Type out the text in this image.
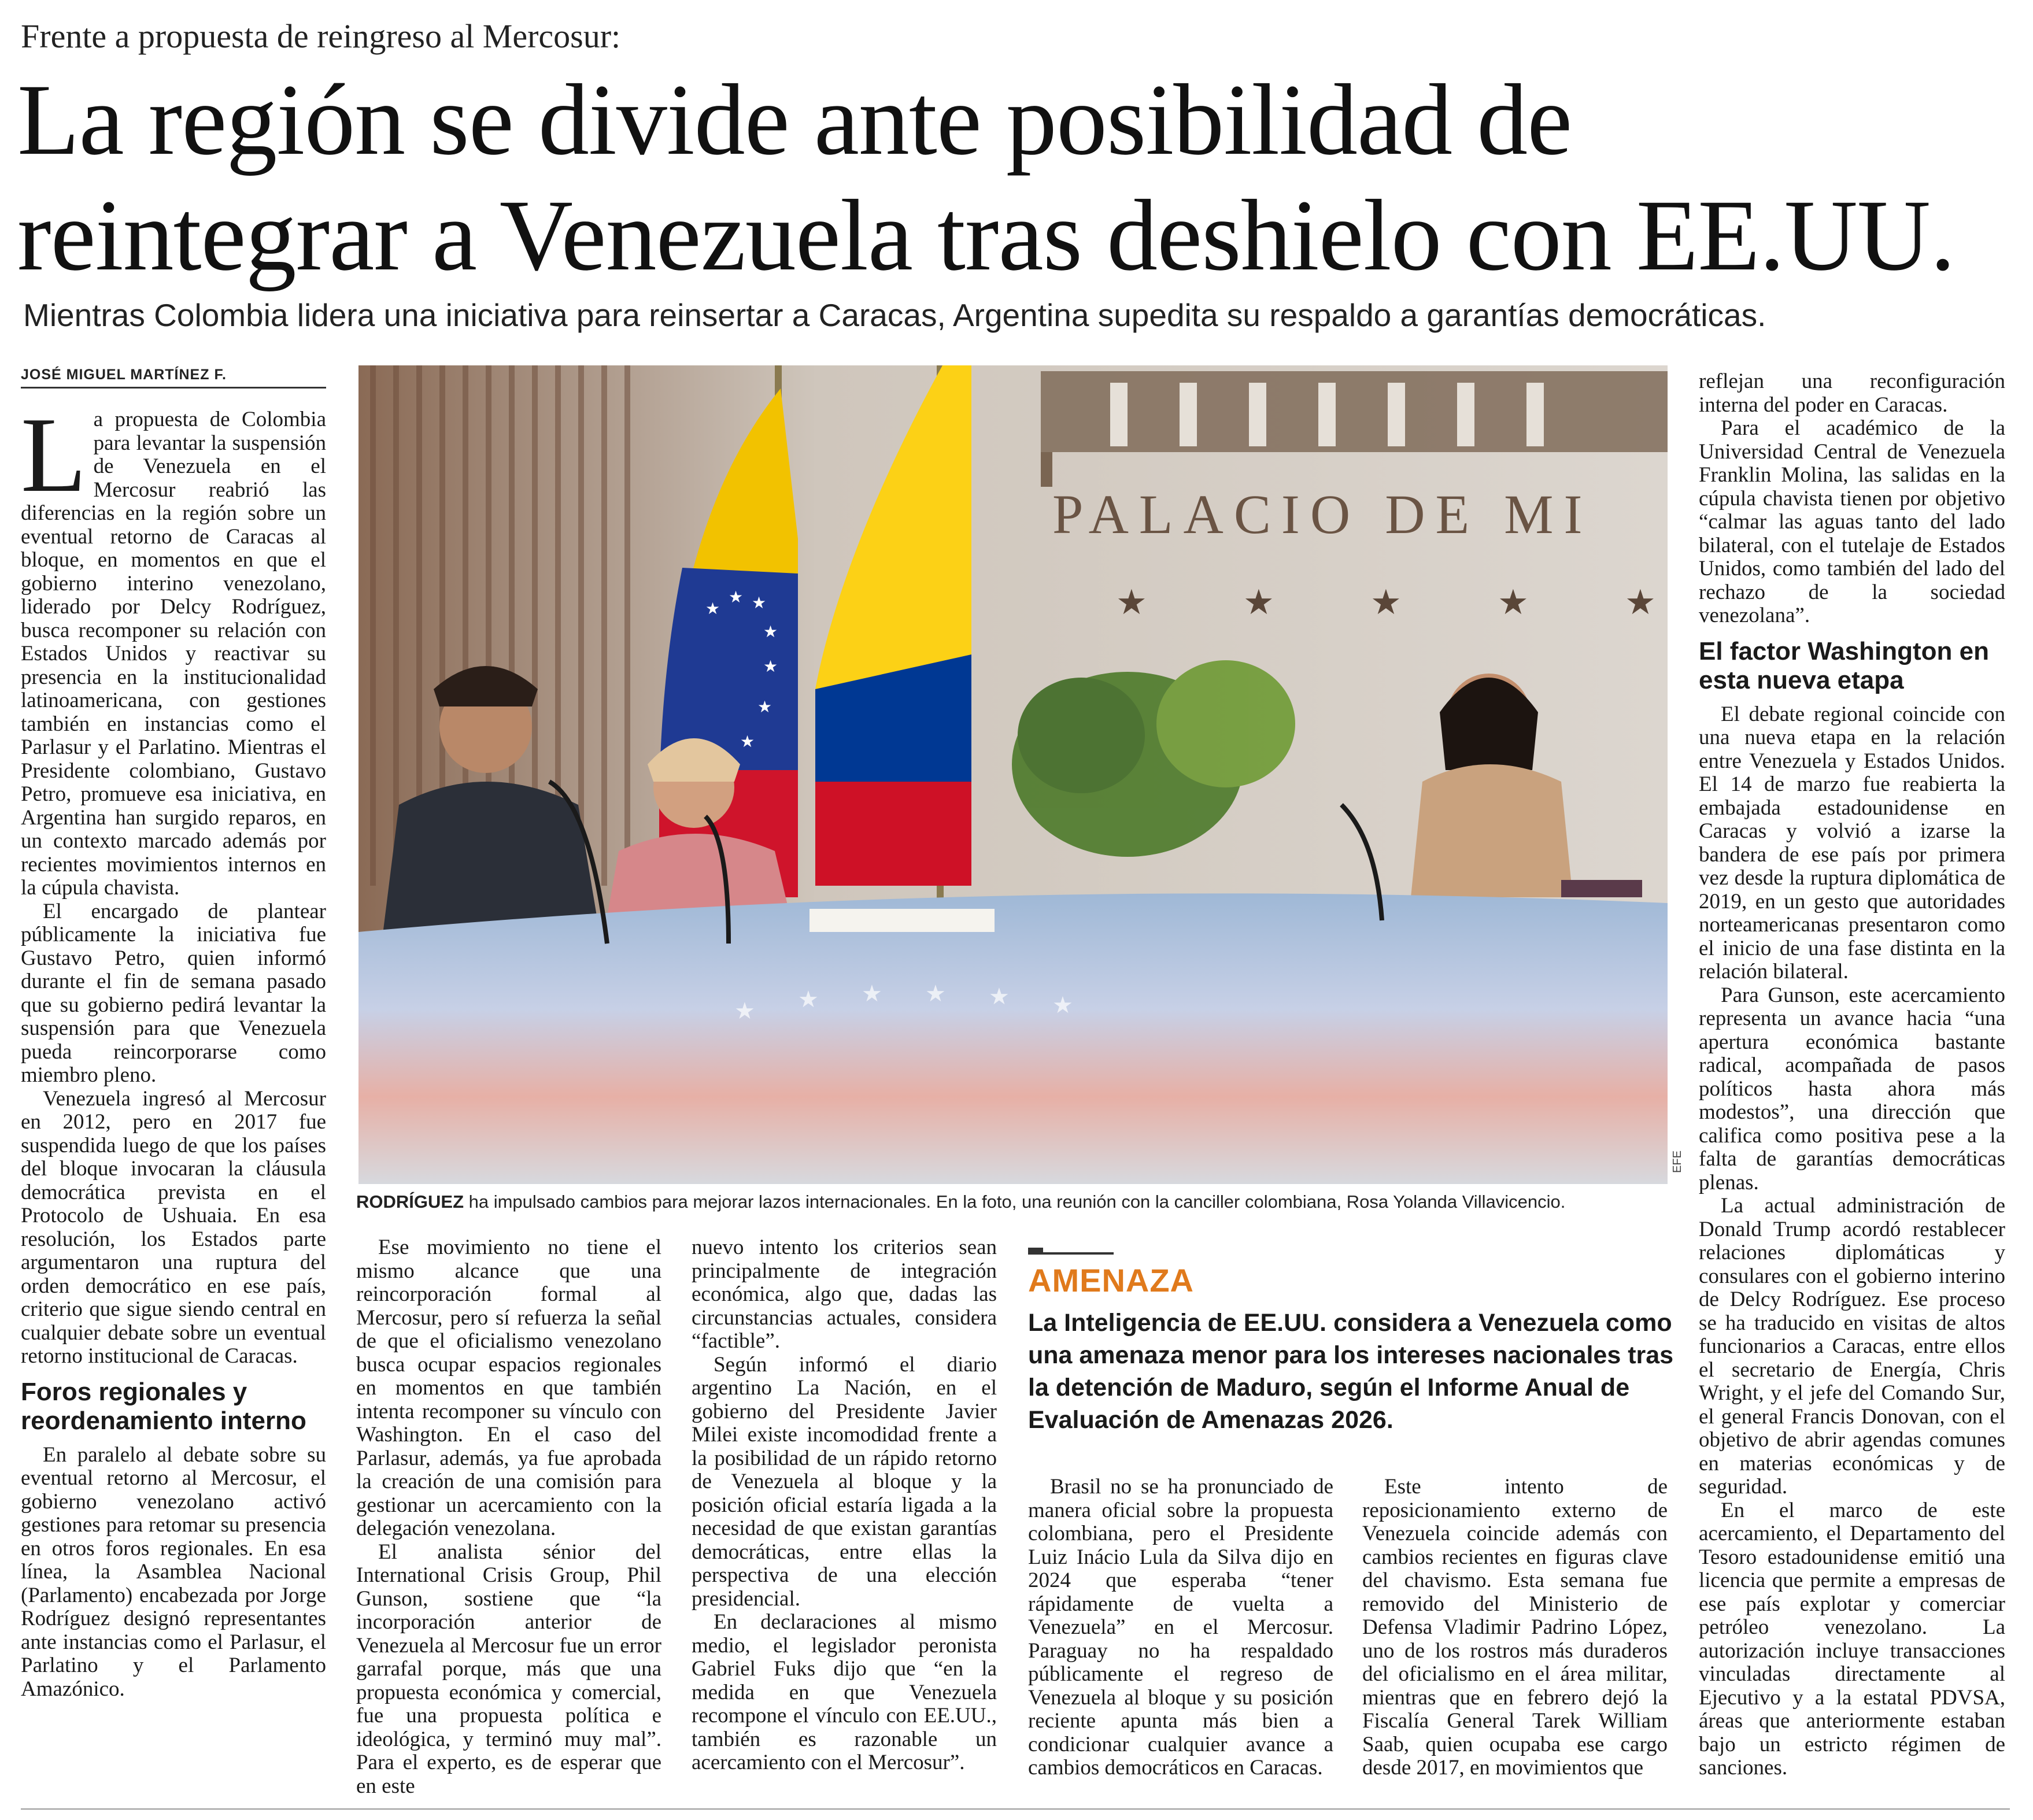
Frente a propuesta de reingreso al Mercosur:
La región se divide ante posibilidad de
reintegrar a Venezuela tras deshielo con EE.UU.
Mientras Colombia lidera una iniciativa para reinsertar a Caracas, Argentina supedita su respaldo a garantías democráticas.
JOSÉ MIGUEL MARTÍNEZ F.

La propuesta de Colombia para levantar la suspensión de Venezuela en el Mercosur reabrió las diferencias en la región sobre un eventual retorno de Caracas al bloque, en momentos en que el gobierno interino venezolano, liderado por Delcy Rodríguez, busca recomponer su relación con Estados Unidos y reactivar su presencia en la institucionalidad latinoamericana, con gestiones también en instancias como el Parlasur y el Parlatino. Mientras el Presidente colombiano, Gustavo Petro, promueve esa iniciativa, en Argentina han surgido reparos, en un contexto marcado además por recientes movimientos internos en la cúpula chavista.

El encargado de plantear públicamente la iniciativa fue Gustavo Petro, quien informó durante el fin de semana pasado que su gobierno pedirá levantar la suspensión para que Venezuela pueda reincorporarse como miembro pleno.

Venezuela ingresó al Mercosur en 2012, pero en 2017 fue suspendida luego de que los países del bloque invocaran la cláusula democrática prevista en el Protocolo de Ushuaia. En esa resolución, los Estados parte argumentaron una ruptura del orden democrático en ese país, criterio que sigue siendo central en cualquier debate sobre un eventual retorno institucional de Caracas.

Foros regionales y reordenamiento interno

En paralelo al debate sobre su eventual retorno al Mercosur, el gobierno venezolano activó gestiones para retomar su presencia en otros foros regionales. En esa línea, la Asamblea Nacional (Parlamento) encabezada por Jorge Rodríguez designó representantes ante instancias como el Parlasur, el Parlatino y el Parlamento Amazónico.

PALACIO DE MI
★	★	★	★	★
★
★ ★
★
★
★
★
★ ★ ★ ★ ★ ★
EFE
RODRÍGUEZ ha impulsado cambios para mejorar lazos internacionales. En la foto, una reunión con la canciller colombiana, Rosa Yolanda Villavicencio.

Ese movimiento no tiene el mismo alcance que una reincorporación formal al Mercosur, pero sí refuerza la señal de que el oficialismo venezolano busca ocupar espacios regionales en momentos en que también intenta recomponer su vínculo con Washington. En el caso del Parlasur, además, ya fue aprobada la creación de una comisión para gestionar un acercamiento con la delegación venezolana.

El analista sénior del International Crisis Group, Phil Gunson, sostiene que “la incorporación anterior de Venezuela al Mercosur fue un error garrafal porque, más que una propuesta económica y comercial, fue una propuesta política e ideológica, y terminó muy mal”. Para el experto, es de esperar que en este

nuevo intento los criterios sean principalmente de integración económica, algo que, dadas las circunstancias actuales, considera “factible”.

Según informó el diario argentino La Nación, en el gobierno del Presidente Javier Milei existe incomodidad frente a la posibilidad de un rápido retorno de Venezuela al bloque y la posición oficial estaría ligada a la necesidad de que existan garantías democráticas, entre ellas la perspectiva de una elección presidencial.

En declaraciones al mismo medio, el legislador peronista Gabriel Fuks dijo que “en la medida en que Venezuela recompone el vínculo con EE.UU., también es razonable un acercamiento con el Mercosur”.

AMENAZA
La Inteligencia de EE.UU. considera a Venezuela como una amenaza menor para los intereses nacionales tras la detención de Maduro, según el Informe Anual de Evaluación de Amenazas 2026.

Brasil no se ha pronunciado de manera oficial sobre la propuesta colombiana, pero el Presidente Luiz Inácio Lula da Silva dijo en 2024 que esperaba “tener rápidamente de vuelta a Venezuela” en el Mercosur. Paraguay no ha respaldado públicamente el regreso de Venezuela al bloque y su posición reciente apunta más bien a condicionar cualquier avance a cambios democráticos en Caracas.

Este intento de reposicionamiento externo de Venezuela coincide además con cambios recientes en figuras clave del chavismo. Esta semana fue removido del Ministerio de Defensa Vladimir Padrino López, uno de los rostros más duraderos del oficialismo en el área militar, mientras que en febrero dejó la Fiscalía General Tarek William Saab, quien ocupaba ese cargo desde 2017, en movimientos que

reflejan una reconfiguración interna del poder en Caracas.

Para el académico de la Universidad Central de Venezuela Franklin Molina, las salidas en la cúpula chavista tienen por objetivo “calmar las aguas tanto del lado bilateral, con el tutelaje de Estados Unidos, como también del lado del rechazo de la sociedad venezolana”.

El factor Washington en esta nueva etapa

El debate regional coincide con una nueva etapa en la relación entre Venezuela y Estados Unidos. El 14 de marzo fue reabierta la embajada estadounidense en Caracas y volvió a izarse la bandera de ese país por primera vez desde la ruptura diplomática de 2019, en un gesto que autoridades norteamericanas presentaron como el inicio de una fase distinta en la relación bilateral.

Para Gunson, este acercamiento representa un avance hacia “una apertura económica bastante radical, acompañada de pasos políticos hasta ahora más modestos”, una dirección que califica como positiva pese a la falta de garantías democráticas plenas.

La actual administración de Donald Trump acordó restablecer relaciones diplomáticas y consulares con el gobierno interino de Delcy Rodríguez. Ese proceso se ha traducido en visitas de altos funcionarios a Caracas, entre ellos el secretario de Energía, Chris Wright, y el jefe del Comando Sur, el general Francis Donovan, con el objetivo de abrir agendas comunes en materias económicas y de seguridad.

En el marco de este acercamiento, el Departamento del Tesoro estadounidense emitió una licencia que permite a empresas de ese país explotar y comerciar petróleo venezolano. La autorización incluye transacciones vinculadas directamente al Ejecutivo y a la estatal PDVSA, áreas que anteriormente estaban bajo un estricto régimen de sanciones.
